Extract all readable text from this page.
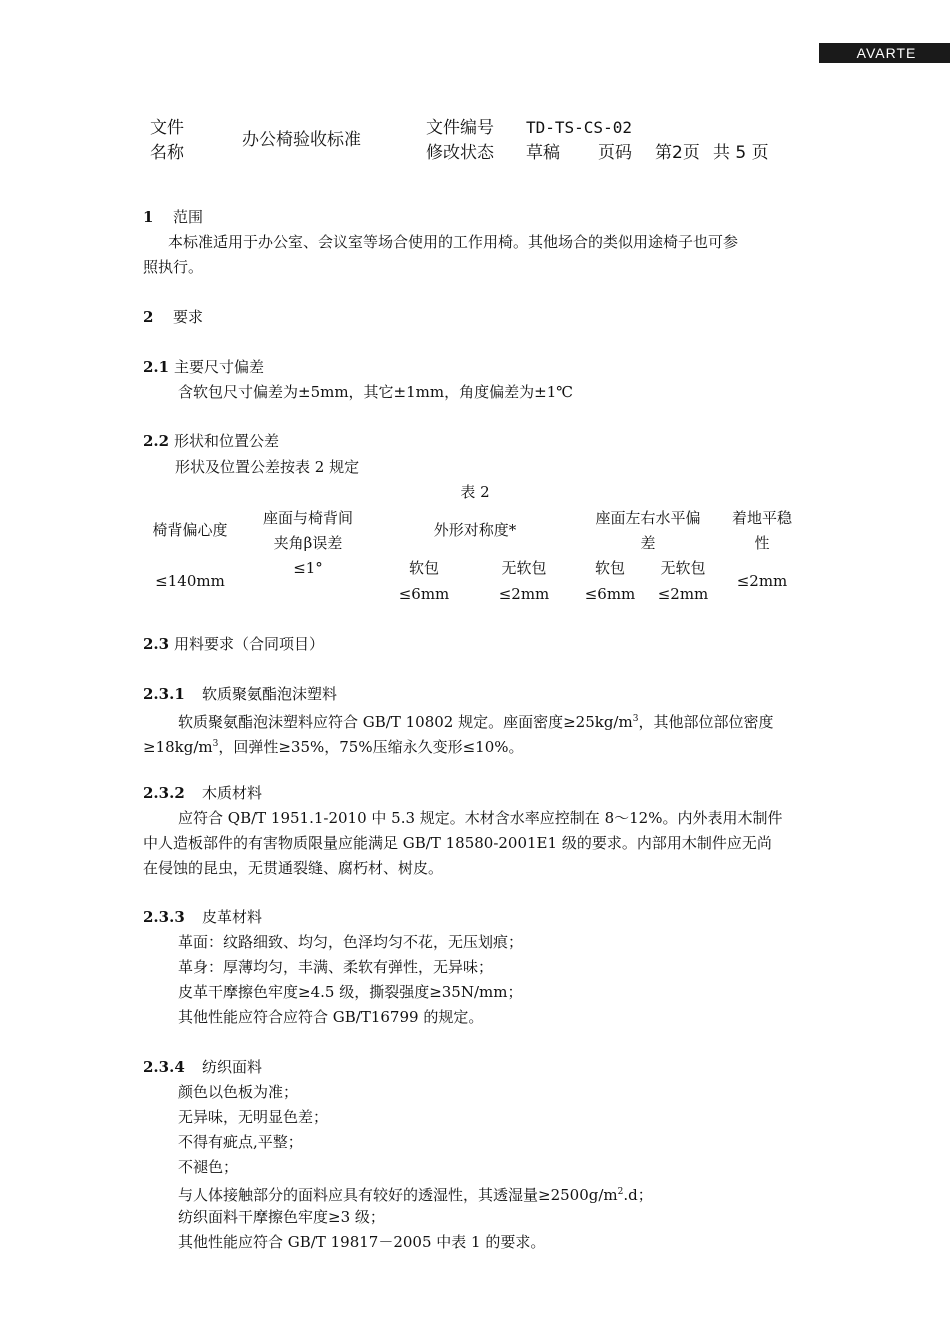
AVARTE
文件
名称
办公椅验收标准
文件编号 TD-TS-CS-02
修改状态 草稿 页码 第2页 共 5 页
1 范围
本标准适用于办公室、会议室等场合使用的工作用椅。其他场合的类似用途椅子也可参
照执行。
2 要求
2.1 主要尺寸偏差
含软包尺寸偏差为±5mm，其它±1mm，角度偏差为±1℃
2.2 形状和位置公差
形状及位置公差按表 2 规定
表 2
椅背偏心度
座面与椅背间
夹角β误差
外形对称度*
座面左右水平偏
差
着地平稳
性
≤140mm
≤1°	软包
≤6mm
无软包
≤2mm
软包
≤6mm
无软包
≤2mm
≤2mm
2.3 用料要求（合同项目）
2.3.1 软质聚氨酯泡沫塑料
软质聚氨酯泡沫塑料应符合 GB/T 10802 规定。座面密度$\ge 25kg/m^3$，其他部位部位密度
$\ge 18kg/m^3$，回弹性≥35%，75%压缩永久变形≤10%。
2.3.2 木质材料
应符合 QB/T 1951.1-2010 中 5.3 规定。木材含水率应控制在 8～12%。内外表用木制件
中人造板部件的有害物质限量应能满足 GB/T 18580-2001E1 级的要求。内部用木制件应无尚
在侵蚀的昆虫，无贯通裂缝、腐朽材、树皮。
2.3.3 皮革材料
革面：纹路细致、均匀，色泽均匀不花，无压划痕；
革身：厚薄均匀，丰满、柔软有弹性，无异味；
皮革干摩擦色牢度≥4.5 级，撕裂强度≥35N/mm；
其他性能应符合应符合 GB/T16799 的规定。
2.3.4 纺织面料
颜色以色板为准；
无异味，无明显色差；
不得有疵点,平整；
不褪色；
与人体接触部分的面料应具有较好的透湿性，其透湿量$\ge 2500g/m^2.d$；
纺织面料干摩擦色牢度≥3 级；
其他性能应符合 GB/T 19817－2005 中表 1 的要求。
